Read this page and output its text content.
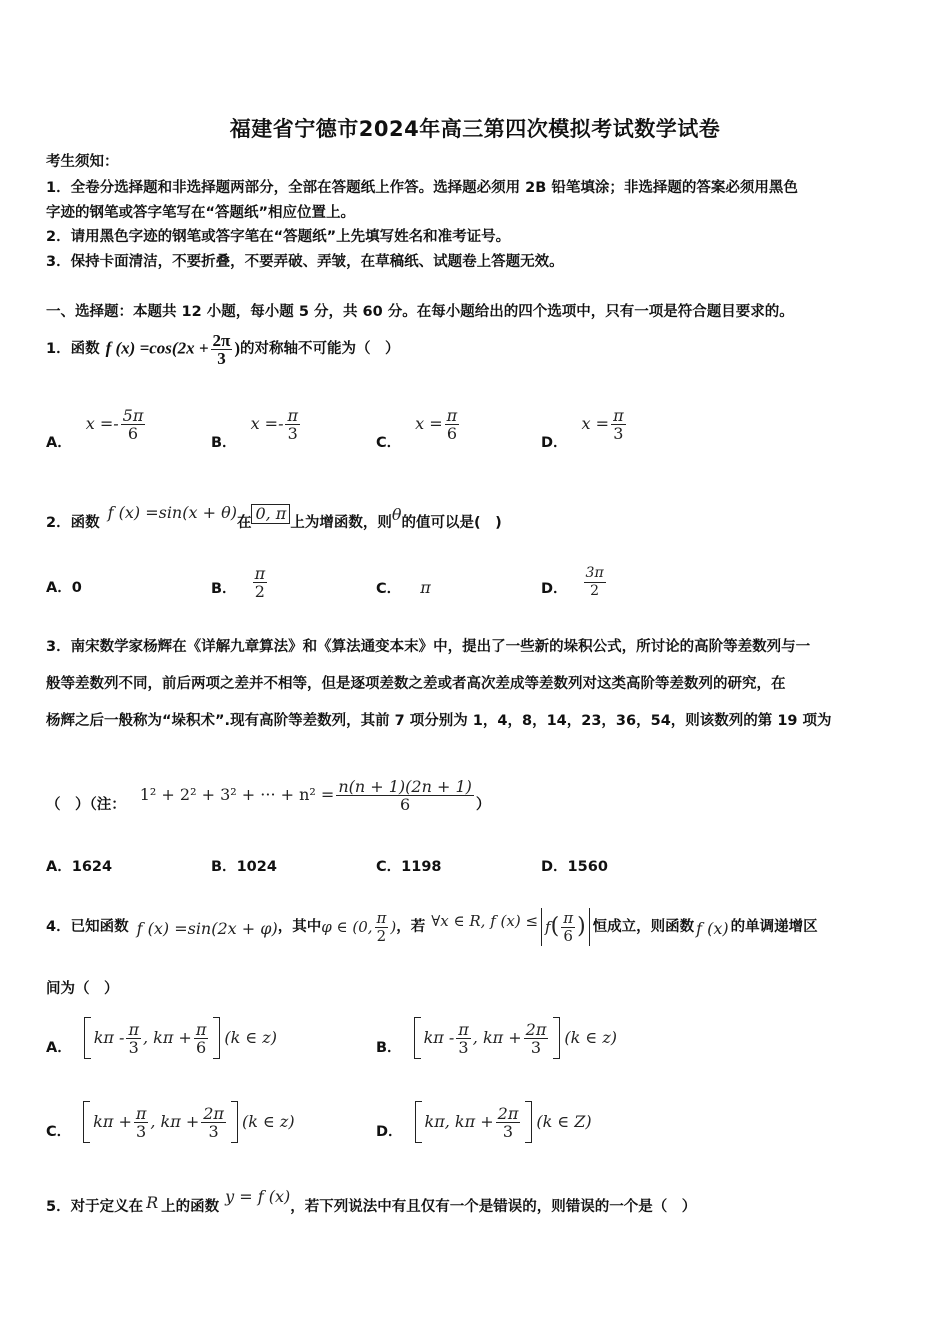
福建省宁德市2024年高三第四次模拟考试数学试卷
考生须知：
1．全卷分选择题和非选择题两部分，全部在答题纸上作答。选择题必须用 2B 铅笔填涂；非选择题的答案必须用黑色
字迹的钢笔或答字笔写在“答题纸”相应位置上。
2．请用黑色字迹的钢笔或答字笔在“答题纸”上先填写姓名和准考证号。
3．保持卡面清洁，不要折叠，不要弄破、弄皱，在草稿纸、试题卷上答题无效。
一、选择题：本题共 12 小题，每小题 5 分，共 60 分。在每小题给出的四个选项中，只有一项是符合题目要求的。
1．函数 f $(x) =\cos(2x + \frac{2\pi}{3}$ ) 的对称轴不可能为（　）
A．
$x =- \frac{5\pi}{6}$
B．
$x =- \frac{\pi}{3}$
C．
$x = \frac{\pi}{6}$
D．
$x = \frac{\pi}{3}$
2．函数
f (x) =sin(x + θ)
在 0, π 上为增函数，则 θ 的值可以是(　)
A．0	B． $\frac{\pi}{2}$	C． π	D． $\frac{3\pi}{2}$
3．南宋数学家杨辉在《详解九章算法》和《算法通变本末》中，提出了一些新的垛积公式，所讨论的高阶等差数列与一
般等差数列不同，前后两项之差并不相等，但是逐项差数之差或者高次差成等差数列对这类高阶等差数列的研究，在
杨辉之后一般称为“垛积术”.现有高阶等差数列，其前 7 项分别为 1，4，8，14，23，36，54，则该数列的第 19 项为
（　）（注：
1² + 2² + 3² + ··· + $n^2 = \frac{n(n + 1)(2n + 1)}{6}$ ）
A．1624	B．1024	C．1198	D．1560
4．已知函数 f (x) =sin(2x + φ) ，其中 φ ∈ (0, $\frac{\pi}{2}$ ) ，若 ∀x ∈ R, f (x) ≤ f ( $\frac{\pi}{6}$ ) 恒成立，则函数 f (x) 的单调递增区
间为（　）
A．
kπ - $\frac{\pi}{3}$ , $k\pi + \frac{\pi}{6} (k$ ∈ z)
B．
kπ - $\frac{\pi}{3}$ , $k\pi + \frac{2\pi}{3} (k$ ∈ z)
C．
$k\pi + \frac{\pi}{3}$ , $k\pi + \frac{2\pi}{3} (k$ ∈ z)
D．
kπ, $k\pi + \frac{2\pi}{3} (k$ ∈ Z)
5．对于定义在 R 上的函数
y = f (x)
，若下列说法中有且仅有一个是错误的，则错误的一个是（　）
